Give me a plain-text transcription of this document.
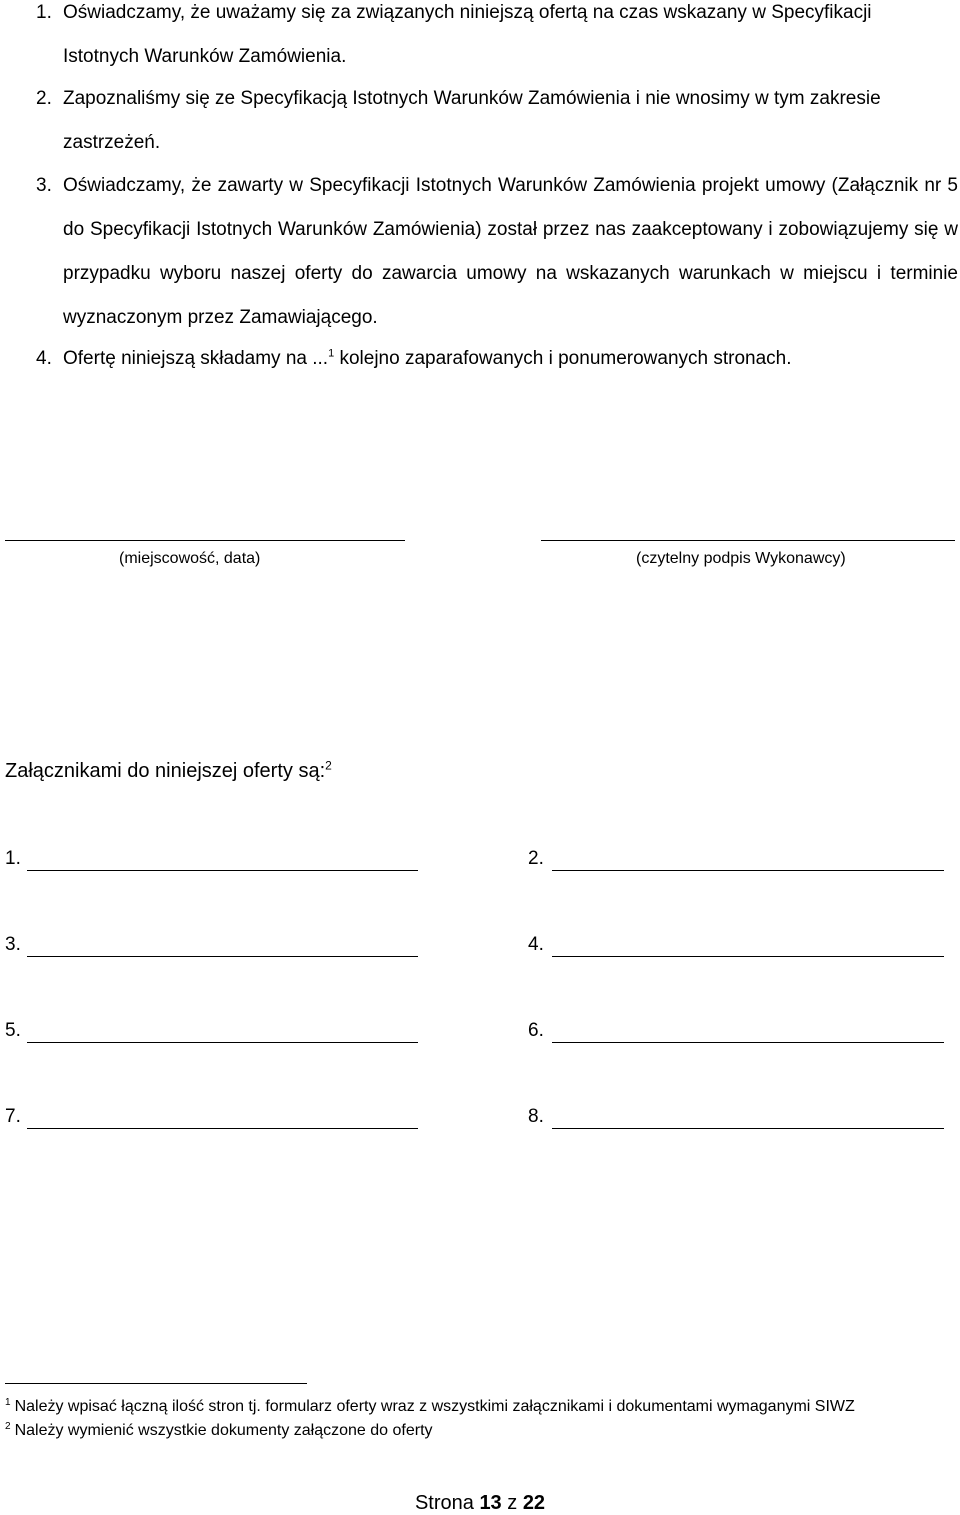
1. Oświadczamy, że uważamy się za związanych niniejszą ofertą na czas wskazany w Specyfikacji
Istotnych Warunków Zamówienia.
2. Zapoznaliśmy się ze Specyfikacją Istotnych Warunków Zamówienia i nie wnosimy w tym zakresie
zastrzeżeń.
3. Oświadczamy, że zawarty w Specyfikacji Istotnych Warunków Zamówienia projekt umowy (Załącznik nr 5 do Specyfikacji Istotnych Warunków Zamówienia) został przez nas zaakceptowany i zobowiązujemy się w przypadku wyboru naszej oferty do zawarcia umowy na wskazanych warunkach w miejscu i terminie wyznaczonym przez Zamawiającego.
4. Ofertę niniejszą składamy na ...$^1$ kolejno zaparafowanych i ponumerowanych stronach.
(miejscowość, data)	(czytelny podpis Wykonawcy)
Załącznikami do niniejszej oferty są:$^2$
1.	2.
3.	4.
5.	6.
7.	8.
$^1$ Należy wpisać łączną ilość stron tj. formularz oferty wraz z wszystkimi załącznikami i dokumentami wymaganymi SIWZ
$^2$ Należy wymienić wszystkie dokumenty załączone do oferty
Strona 13 z 22
